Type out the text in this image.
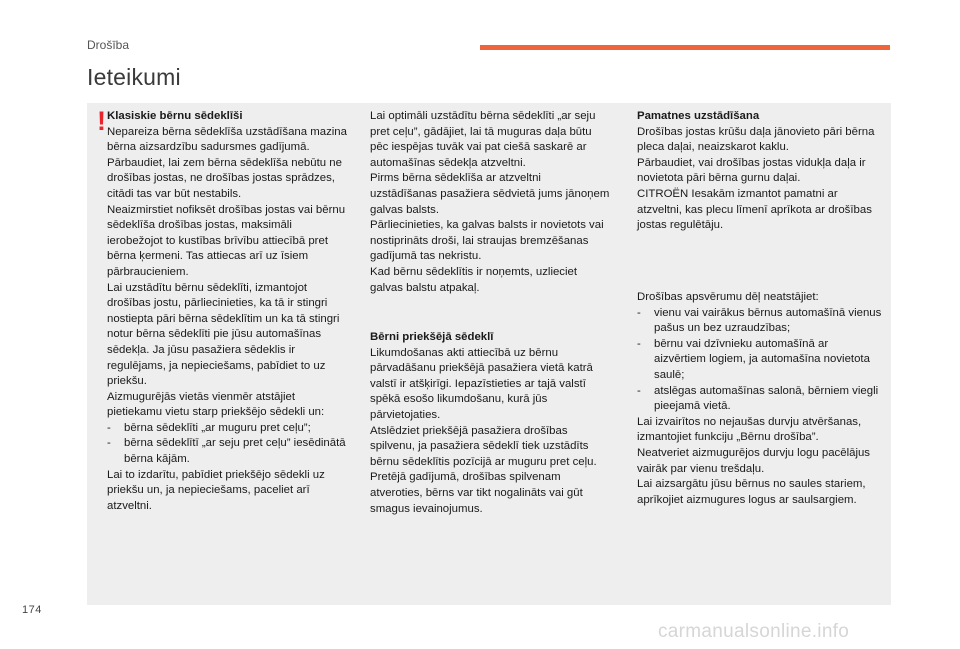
Drošība
Ieteikumi
! Klasiskie bērnu sēdeklīši

Nepareiza bērna sēdeklīša uzstādīšana mazina bērna aizsardzību sadursmes gadījumā.

Pārbaudiet, lai zem bērna sēdeklīša nebūtu ne drošības jostas, ne drošības jostas sprādzes, citādi tas var būt nestabils.

Neaizmirstiet nofiksēt drošības jostas vai bērnu sēdeklīša drošības jostas, maksimāli ierobežojot to kustības brīvību attiecībā pret bērna ķermeni. Tas attiecas arī uz īsiem pārbraucieniem.

Lai uzstādītu bērnu sēdeklīti, izmantojot drošības jostu, pārliecinieties, ka tā ir stingri nostiepta pāri bērna sēdeklītim un ka tā stingri notur bērna sēdeklīti pie jūsu automašīnas sēdekļa. Ja jūsu pasažiera sēdeklis ir regulējams, ja nepieciešams, pabīdiet to uz priekšu.

Aizmugurējās vietās vienmēr atstājiet pietiekamu vietu starp priekšējo sēdekli un:

- bērna sēdeklīti „ar muguru pret ceļu”;

- bērna sēdeklītī „ar seju pret ceļu” iesēdinātā bērna kājām.

Lai to izdarītu, pabīdiet priekšējo sēdekli uz priekšu un, ja nepieciešams, paceliet arī atzveltni.

Lai optimāli uzstādītu bērna sēdeklīti „ar seju pret ceļu”, gādājiet, lai tā muguras daļa būtu pēc iespējas tuvāk vai pat ciešā saskarē ar automašīnas sēdekļa atzveltni.

Pirms bērna sēdeklīša ar atzveltni uzstādīšanas pasažiera sēdvietā jums jānoņem galvas balsts.

Pārliecinieties, ka galvas balsts ir novietots vai nostiprināts droši, lai straujas bremzēšanas gadījumā tas nekristu.

Kad bērnu sēdeklītis ir noņemts, uzlieciet galvas balstu atpakaļ.

Bērni priekšējā sēdeklī

Likumdošanas akti attiecībā uz bērnu pārvadāšanu priekšējā pasažiera vietā katrā valstī ir atšķirīgi. Iepazīstieties ar tajā valstī spēkā esošo likumdošanu, kurā jūs pārvietojaties.

Atslēdziet priekšējā pasažiera drošības spilvenu, ja pasažiera sēdeklī tiek uzstādīts bērnu sēdeklītis pozīcijā ar muguru pret ceļu. Pretējā gadījumā, drošības spilvenam atveroties, bērns var tikt nogalināts vai gūt smagus ievainojumus.

Pamatnes uzstādīšana

Drošības jostas krūšu daļa jānovieto pāri bērna pleca daļai, neaizskarot kaklu.

Pārbaudiet, vai drošības jostas vidukļa daļa ir novietota pāri bērna gurnu daļai.

CITROËN Iesakām izmantot pamatni ar atzveltni, kas plecu līmenī aprīkota ar drošības jostas regulētāju.

Drošības apsvērumu dēļ neatstājiet:

- vienu vai vairākus bērnus automašīnā vienus pašus un bez uzraudzības;

- bērnu vai dzīvnieku automašīnā ar aizvērtiem logiem, ja automašīna novietota saulē;

- atslēgas automašīnas salonā, bērniem viegli pieejamā vietā.

Lai izvairītos no nejaušas durvju atvēršanas, izmantojiet funkciju „Bērnu drošība”.

Neatveriet aizmugurējos durvju logu pacēlājus vairāk par vienu trešdaļu.

Lai aizsargātu jūsu bērnus no saules stariem, aprīkojiet aizmugures logus ar saulsargiem.

174
carmanualsonline.info
